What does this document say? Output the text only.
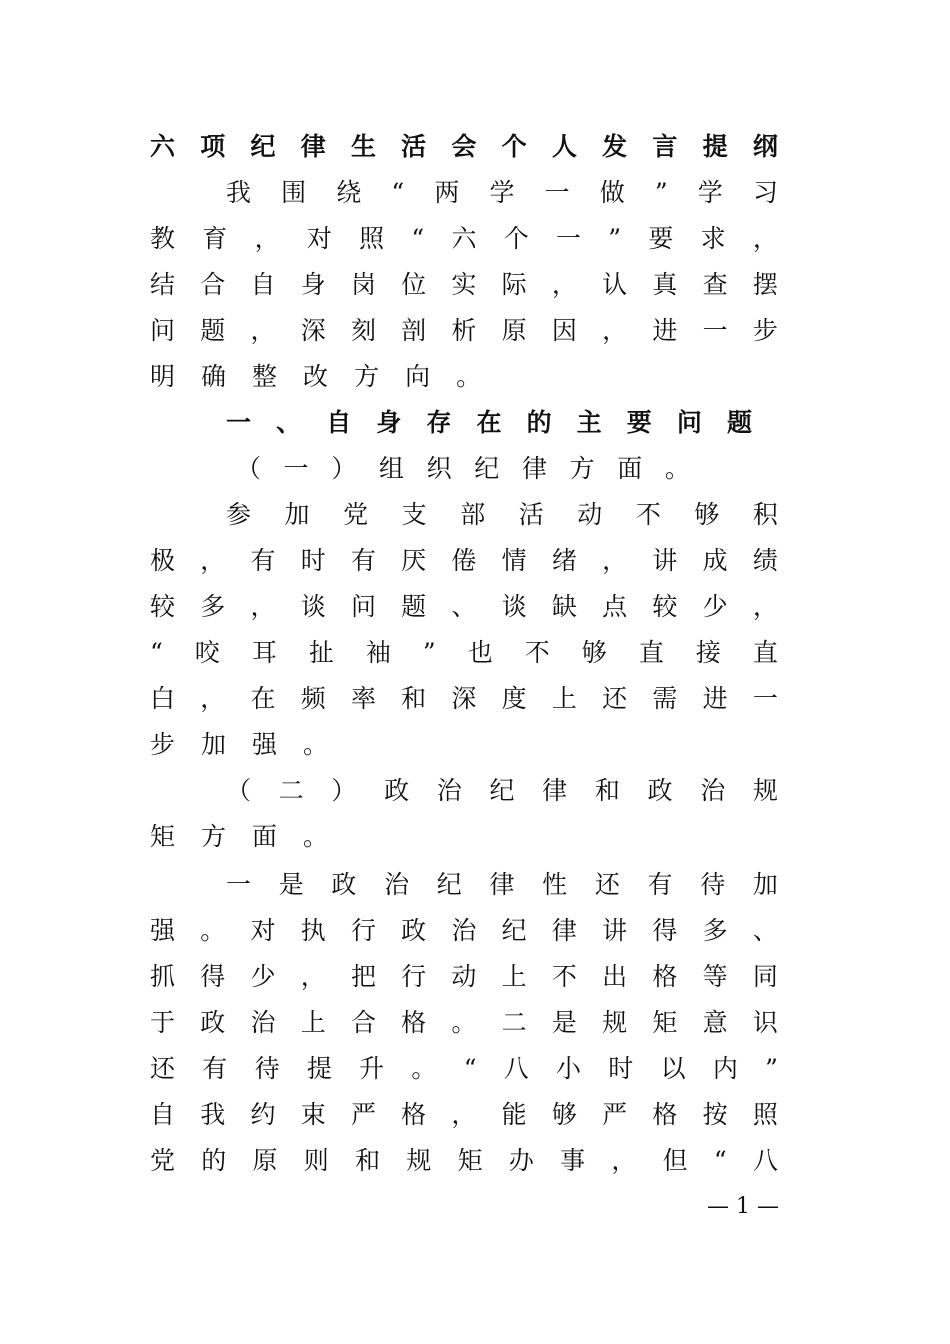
六 项 纪 律 生 活 会 个 人 发 言 提 纲
我 围 绕 “ 两 学 一 做 ” 学 习
教 育 ， 对 照 “ 六 个 一 ” 要 求 ，
结 合 自 身 岗 位 实 际 ， 认 真 查 摆
问 题 ， 深 刻 剖 析 原 因 ， 进 一 步
明 确 整 改 方 向 。
一 、 自 身 存 在 的 主 要 问 题
（ 一 ） 组 织 纪 律 方 面 。
参 加 党 支 部 活 动 不 够 积
极 ， 有 时 有 厌 倦 情 绪 ， 讲 成 绩
较 多 ， 谈 问 题 、 谈 缺 点 较 少 ，
“ 咬 耳 扯 袖 ” 也 不 够 直 接 直
白 ， 在 频 率 和 深 度 上 还 需 进 一
步 加 强 。
（ 二 ） 政 治 纪 律 和 政 治 规
矩 方 面 。
一 是 政 治 纪 律 性 还 有 待 加
强 。 对 执 行 政 治 纪 律 讲 得 多 、
抓 得 少 ， 把 行 动 上 不 出 格 等 同
于 政 治 上 合 格 。 二 是 规 矩 意 识
还 有 待 提 升 。 “ 八 小 时 以 内 ”
自 我 约 束 严 格 ， 能 够 严 格 按 照
党 的 原 则 和 规 矩 办 事 ， 但 “ 八
— 1 —
